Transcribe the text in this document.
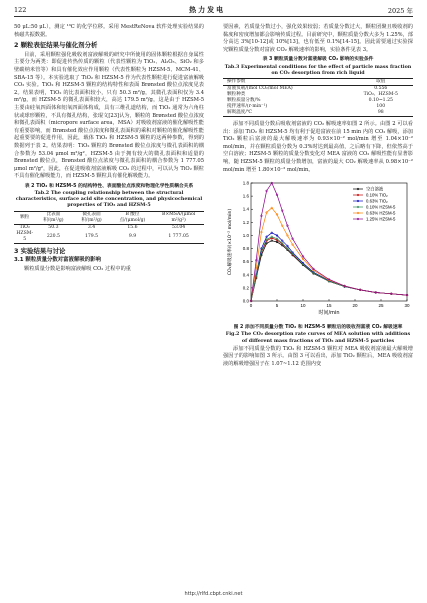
122	热力发电	2025 年

50 μL:50 μL），测定 ¹³C 的化学位移。采用 MestReNova 软件处理实验结果的核磁共振数据。

2 颗粒表征结果与催化剂分析

目前，采用颗粒强化吸收剂富液解吸的研究中所使用的固体颗粒根据自身属性主要分为两类：即促进传热传质的颗粒（代表性颗粒为 TiO₂、Al₂O₃、SiO₂ 和多壁碳纳米管等）和具有催化效应作用颗粒（代表性颗粒为 HZSM-5、MCM-41、SBA-15 等）。本实验选取了 TiO₂ 和 HZSM-5 作为代表性颗粒进行促进富液解吸 CO₂ 实验。TiO₂ 和 HZSM-5 颗粒的结构特性和表面 Brønsted 酸位点浓度见表 2。结果表明，TiO₂ 的比表面积较小，只有 50.3 m²/g，其微孔表面积仅为 3.4 m²/g，而 HZSM-5 的微孔表面积较大，高达 179.5 m²/g，这是由于 HZSM-5 主要由硅氧四面体和铝氧四面体构成，具有三维孔道结构，而 TiO₂ 通常为六角柱状或球形颗粒，不具有微孔结构，张琨文[23]认为，颗粒的 Brønsted 酸位点浓度和微孔表面积（micropore surface area，MSA）对吸收剂富液的催化解吸性能有重要影响，而 Brønsted 酸位点浓度和微孔表面积的乘积对颗粒的催化解吸性能起重要要的促进作用，因此，载体 TiO₂ 和 HZSM-5 颗粒的这两种参数，得到的数据列于表 2。结果表明：TiO₂ 颗粒的 Brønsted 酸位点浓度与微孔表面积的耦合参数为 53.04 μmol m²/g²，HZSM-5 由于拥有较大的微孔表面积和适量的 Brønsted 酸位点，Brønsted 酸位点浓度与微孔表面积的耦合参数为 1 777.05 μmol m²/g²，因此，在促进吸收剂富液解吸 CO₂ 的过程中，可以认为 TiO₂ 颗粒不具有催化解吸能力，而 HZSM-5 颗粒具有催化解吸能力。

表 2 TiO₂ 和 HZSM-5 的结构特性、表面酸位点浓度和物理化学性质耦合关系
Tab.2 The coupling relationship between the structural characteristics, surface acid site concentration, and physicochemical properties of TiO₂ and HZSM-5
颗粒	比表面积/(m²/g)	微孔表面积/(m²/g)	B 酸位点/(μmol/g)	B×MSA/(μmol m²/g²)
TiO₂	50.3	3.4	15.6	53.04
HZSM-5	220.5	179.5	9.9	1 777.05
3 实验结果与讨论
3.1 颗粒质量分数对富液解吸的影响

颗粒质量分数是影响富液解吸 CO₂ 过程中的重

要因素，若质量分数过小，强化效果较弱；若质量分数过大，颗粒团聚且吸收剂的黏度和密度增加都会影响传质过程。目前研究中，颗粒质量分数大多为 1.25%，部分高达 3%[10-12]或 10%[13]，也有低至 0.1%[14-15]。因此需要通过实验探究颗粒质量分数对富液 CO₂ 解吸速率的影响，实验条件见表 3。

表 3 颗粒质量分数对富液解吸 CO₂ 影响的实验条件
Tab.3 Experimental conditions for the effect of particle mass fraction on CO₂ desorption from rich liquid
操作参数	取值
富液负载/(mol CO₂/mol MEA)	0.556
颗粒种类	TiO₂、HZSM-5
颗粒质量分数/%	0.10~1.25
搅拌速率/(r·min⁻¹)	100
解吸温度/℃	98

添加不同质量分数后吸收剂富液的 CO₂ 解吸速率如图 2 所示。由图 2 可以看出：添加 TiO₂ 和 HZSM-5 均有利于促进富液在前 15 min 内的 CO₂ 解吸，添加 TiO₂ 颗粒后富液的最大解吸速率为 0.93×10⁻² mol/min 增至 1.04×10⁻² mol/min，并在颗粒质量分数为 0.3%时达到最高值，之后略有下降，但依然高于空白溶液；HZSM-5 颗粒的质量分数变化对 MEA 富液的 CO₂ 解吸性能有显著影响，随 HZSM-5 颗粒的质量分数增加，富液的最大 CO₂ 解吸速率从 0.98×10⁻² mol/min 增至 1.80×10⁻² mol/min。

0	5	10	15	20	25	30
0.0
0.2
0.4
0.6
0.8
1.0
1.2
1.4
1.6
1.8
时间/min
CO₂解吸速率/(×10⁻² mol/min)
空白溶液
0.10% TiO₂
0.63% TiO₂
0.10% HZSM-5
0.63% HZSM-5
1.25% HZSM-5
图 2 添加不同质量分数 TiO₂ 和 HZSM-5 颗粒后的吸收剂富液 CO₂ 解吸速率
Fig.2 The CO₂ desorption rate curves of MEA solution with additions of different mass fractions of TiO₂ and HZSM-5 particles

添加不同质量分数的 TiO₂ 和 HZSM-5 颗粒对 MEA 吸收剂富液最大解吸增强因子的影响如图 3 所示。由图 3 可以看出，添加 TiO₂ 颗粒后，MEA 吸收剂富液的解吸增强因子在 1.07~1.12 范围内变

http://rlfd.cbpt.cnki.net
